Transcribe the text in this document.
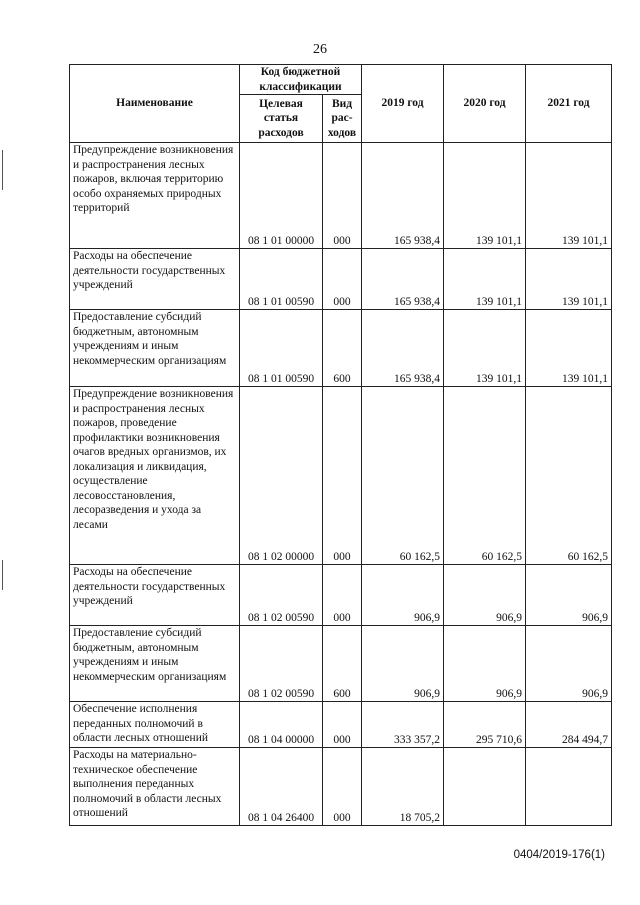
26
Наименование	Код бюджетной классификации		2019 год	2020 год	2021 год
	Целевая статья расходов	Вид рас-ходов			
Предупреждение возникновения и распространения лесных пожаров, включая территорию особо охраняемых природных территорий	08 1 01 00000	000	165 938,4	139 101,1	139 101,1
Расходы на обеспечение деятельности государственных учреждений	08 1 01 00590	000	165 938,4	139 101,1	139 101,1
Предоставление субсидий бюджетным, автономным учреждениям и иным некоммерческим организациям	08 1 01 00590	600	165 938,4	139 101,1	139 101,1
Предупреждение возникновения и распространения лесных пожаров, проведение профилактики возникновения очагов вредных организмов, их локализация и ликвидация, осуществление лесовосстановления, лесоразведения и ухода за лесами	08 1 02 00000	000	60 162,5	60 162,5	60 162,5
Расходы на обеспечение деятельности государственных учреждений	08 1 02 00590	000	906,9	906,9	906,9
Предоставление субсидий бюджетным, автономным учреждениям и иным некоммерческим организациям	08 1 02 00590	600	906,9	906,9	906,9
Обеспечение исполнения переданных полномочий в области лесных отношений	08 1 04 00000	000	333 357,2	295 710,6	284 494,7
Расходы на материально-техническое обеспечение выполнения переданных полномочий в области лесных отношений	08 1 04 26400	000	18 705,2		
0404/2019-176(1)
